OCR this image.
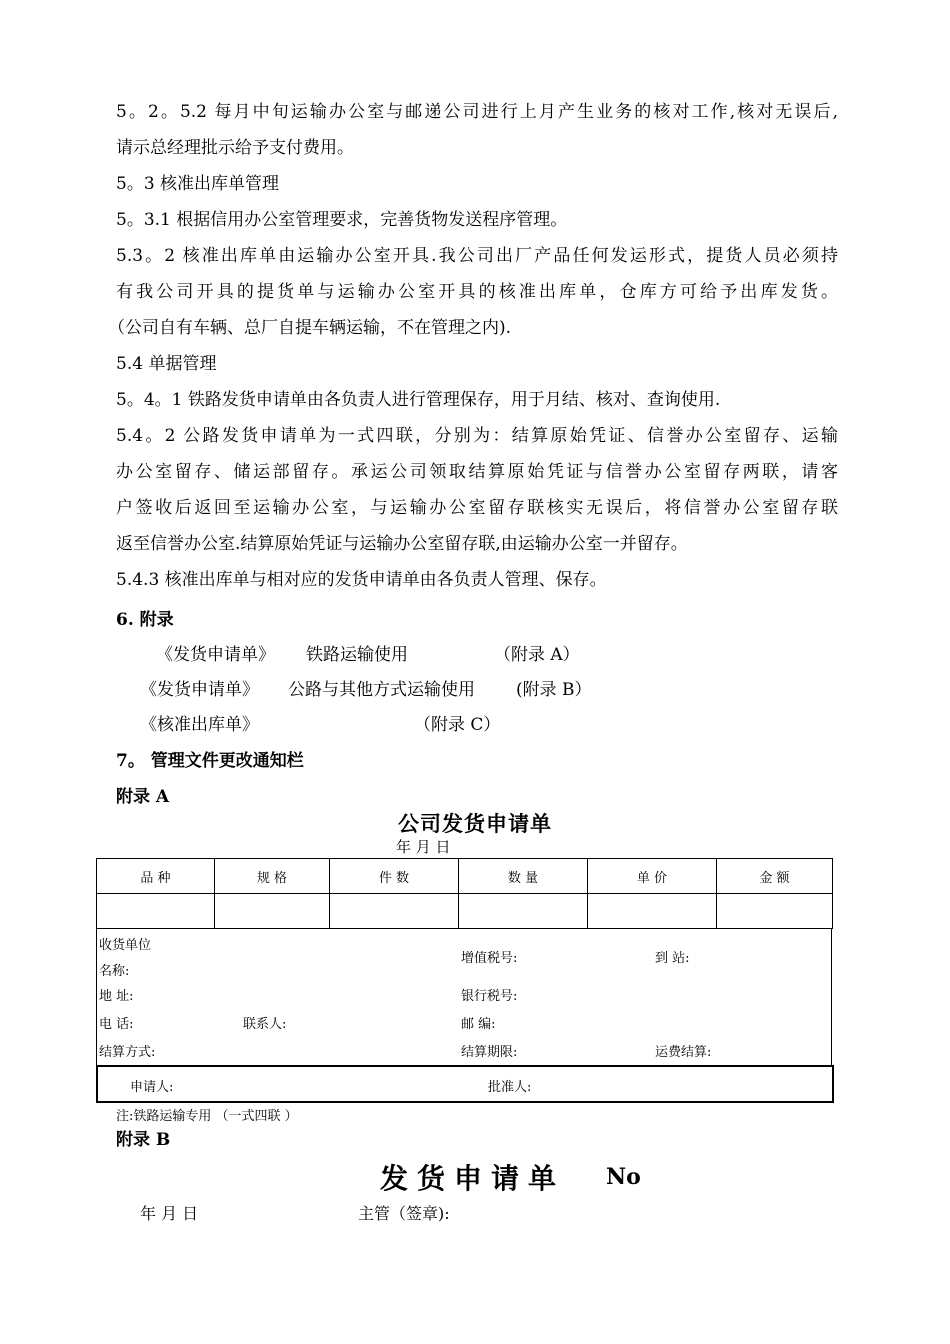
5。2。5.2 每月中旬运输办公室与邮递公司进行上月产生业务的核对工作,核对无误后,
请示总经理批示给予支付费用。
5。3 核准出库单管理
5。3.1 根据信用办公室管理要求，完善货物发送程序管理。
5.3。2 核准出库单由运输办公室开具.我公司出厂产品任何发运形式，提货人员必须持
有我公司开具的提货单与运输办公室开具的核准出库单，仓库方可给予出库发货。
（公司自有车辆、总厂自提车辆运输，不在管理之内).
5.4 单据管理
5。4。1 铁路发货申请单由各负责人进行管理保存，用于月结、核对、查询使用.
5.4。2 公路发货申请单为一式四联，分别为：结算原始凭证、信誉办公室留存、运输
办公室留存、储运部留存。承运公司领取结算原始凭证与信誉办公室留存两联，请客
户签收后返回至运输办公室，与运输办公室留存联核实无误后，将信誉办公室留存联
返至信誉办公室.结算原始凭证与运输办公室留存联,由运输办公室一并留存。
5.4.3 核准出库单与相对应的发货申请单由各负责人管理、保存。
6. 附录
《发货申请单》 铁路运输使用	（附录 A）
《发货申请单》 公路与其他方式运输使用 (附录 B）
《核准出库单》	（附录 C）
7。 管理文件更改通知栏
附录 A
公司发货申请单
年 月 日
品 种	规 格	件 数	数 量	单 价	金 额

收货单位
名称:
增值税号:	到 站:
地 址:	银行税号:
电 话:	联系人:	邮 编:
结算方式:	结算期限:	运费结算:
申请人:	批准人:
注:铁路运输专用 （一式四联 ）
附录 B
发货申请单 No
年 月 日	主管（签章):
